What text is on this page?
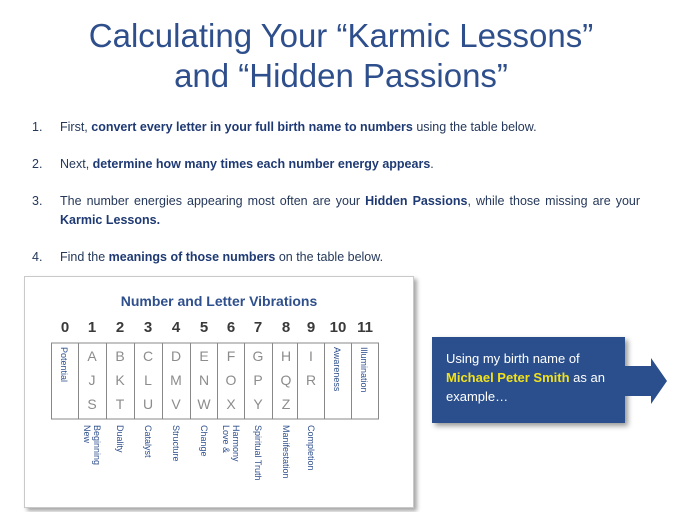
Calculating Your “Karmic Lessons”
and “Hidden Passions”
1. First, convert every letter in your full birth name to numbers using the table below.
2. Next, determine how many times each number energy appears.
3. The number energies appearing most often are your Hidden Passions, while those missing are your Karmic Lessons.
4. Find the meanings of those numbers on the table below.
Number and Letter Vibrations
0
Potential
1
A
J
S
New Beginning
2
B
K
T
Duality
3
C
L
U
Catalyst
4
D
M
V
Structure
5
E
N
W
Change
6
F
O
X
Love & Harmony
7
G
P
Y
Spiritual Truth
8
H
Q
Z
Manifestation
9
I
R
Completion
10
Awareness
11
Illumination	Using my birth name of Michael Peter Smith as an example…
